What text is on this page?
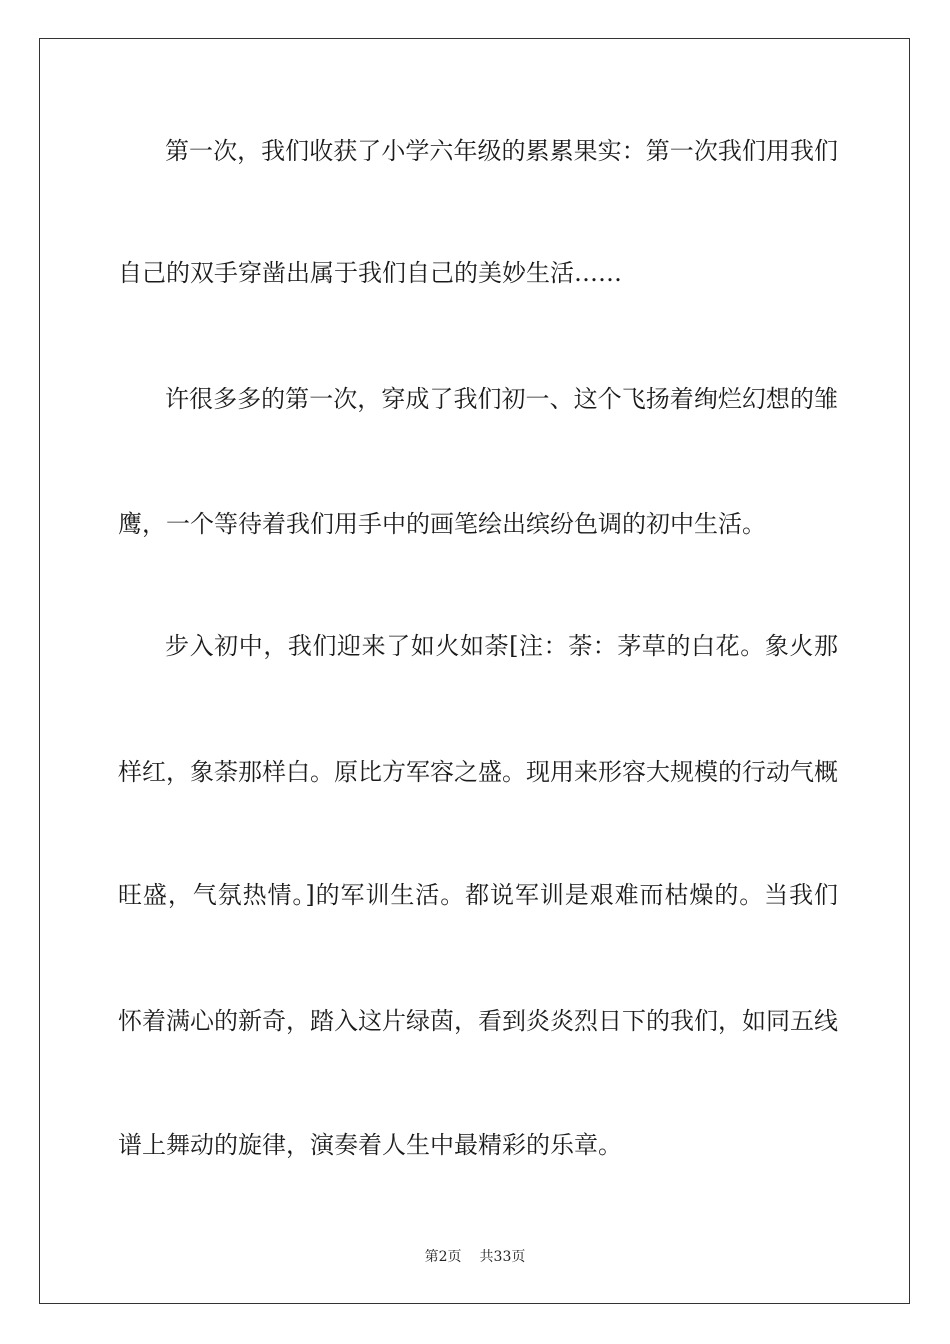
第一次，我们收获了小学六年级的累累果实：第一次我们用我们
自己的双手穿凿出属于我们自己的美妙生活……
许很多多的第一次，穿成了我们初一、这个飞扬着绚烂幻想的雏
鹰，一个等待着我们用手中的画笔绘出缤纷色调的初中生活。
步入初中，我们迎来了如火如荼[注：荼：茅草的白花。象火那
样红，象荼那样白。原比方军容之盛。现用来形容大规模的行动气概
旺盛，气氛热情。]的军训生活。都说军训是艰难而枯燥的。当我们
怀着满心的新奇，踏入这片绿茵，看到炎炎烈日下的我们，如同五线
谱上舞动的旋律，演奏着人生中最精彩的乐章。
第2页 共33页
